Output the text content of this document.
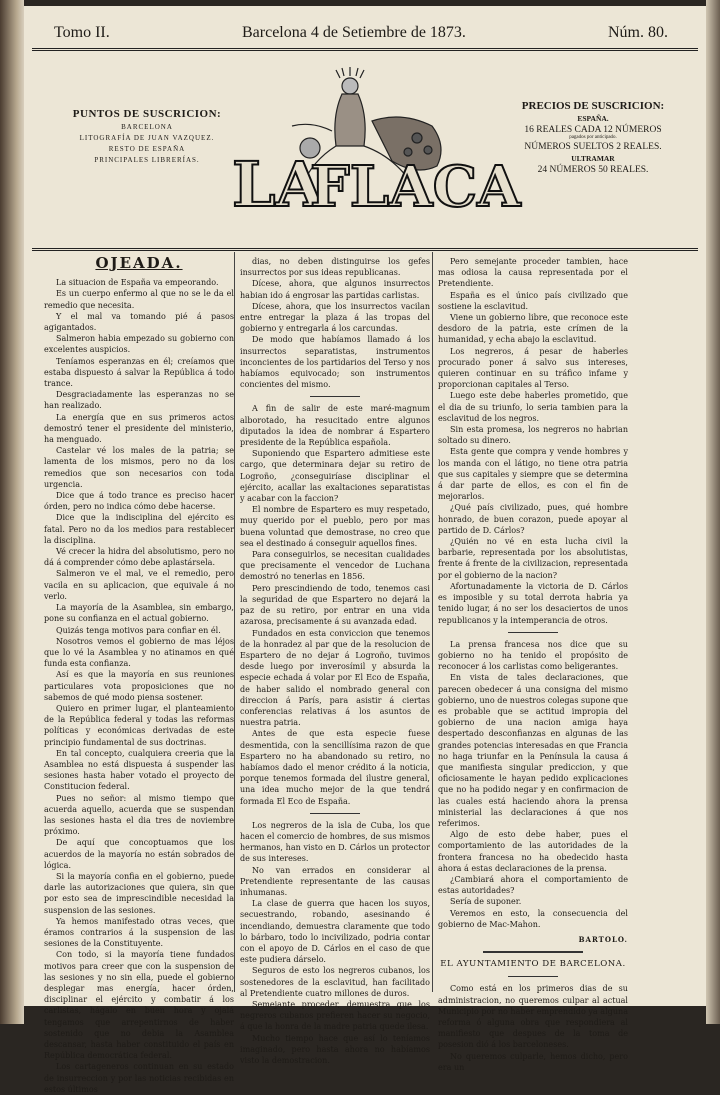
Tomo II.	Barcelona 4 de Setiembre de 1873.	Núm. 80.
PUNTOS DE SUSCRICION:
BARCELONA
LITOGRAFÍA DE JUAN VAZQUEZ.
RESTO DE ESPAÑA
PRINCIPALES LIBRERÍAS. LA
FLACA
PRECIOS DE SUSCRICION:
ESPAÑA.
16 REALES CADA 12 NÚMEROS
pagados por anticipado.
NÚMEROS SUELTOS 2 REALES.
ULTRAMAR
24 NÚMEROS 50 REALES.
OJEADA.

La situacion de España va empeorando.

Es un cuerpo enfermo al que no se le da el remedio que necesita.

Y el mal va tomando pié á pasos agigantados.

Salmeron habia empezado su gobierno con excelentes auspicios.

Teníamos esperanzas en él; creíamos que estaba dispuesto á salvar la República á todo trance.

Desgraciadamente las esperanzas no se han realizado.

La energía que en sus primeros actos demostró tener el presidente del ministerio, ha menguado.

Castelar vé los males de la patria; se lamenta de los mismos, pero no da los remedios que son necesarios con toda urgencia.

Dice que á todo trance es preciso hacer órden, pero no indica cómo debe hacerse.

Dice que la indisciplina del ejército es fatal. Pero no da los medios para restablecer la disciplina.

Vé crecer la hidra del absolutismo, pero no dá á comprender cómo debe aplastársela.

Salmeron ve el mal, ve el remedio, pero vacila en su aplicacion, que equivale á no verlo.

La mayoría de la Asamblea, sin embargo, pone su confianza en el actual gobierno.

Quizás tenga motivos para confiar en él.

Nosotros vemos el gobierno de mas léjos que lo vé la Asamblea y no atinamos en qué funda esta confianza.

Así es que la mayoría en sus reuniones particulares vota proposiciones que no sabemos de qué modo piensa sostener.

Quiero en primer lugar, el planteamiento de la República federal y todas las reformas políticas y económicas derivadas de este principio fundamental de sus doctrinas.

En tal concepto, cualquiera creeria que la Asamblea no está dispuesta á suspender las sesiones hasta haber votado el proyecto de Constitucion federal.

Pues no señor: al mismo tiempo que acuerda aquello, acuerda que se suspendan las sesiones hasta el dia tres de noviembre próximo.

De aquí que concoptuamos que los acuerdos de la mayoría no están sobrados de lógica.

Si la mayoría confia en el gobierno, puede darle las autorizaciones que quiera, sin que por esto sea de imprescindible necesidad la suspension de las sesiones.

Ya hemos manifestado otras veces, que éramos contrarios á la suspension de las sesiones de la Constituyente.

Con todo, si la mayoría tiene fundados motivos para creer que con la suspension de las sesiones y no sin ella, puede el gobierno desplegar mas energía, hacer órden, disciplinar el ejército y combatir á los carlistas, hágalo en buen hora y ojalá tengamos que arrepentirnos de haber sostenido que no debia la Asamblea descansar, hasta haber constituido el país en República democrática federal.

Los cartageneros continuan en su estado de insurreccion y por las noticias recibidas en estos últimos

dias, no deben distinguirse los gefes insurrectos por sus ideas republicanas.

Dícese, ahora, que algunos insurrectos habian ido á engrosar las partidas carlistas.

Dícese, ahora, que los insurrectos vacilan entre entregar la plaza á las tropas del gobierno y entregarla á los carcundas.

De modo que habíamos llamado á los insurrectos separatistas, instrumentos inconcientes de los partidarios del Terso y nos habíamos equivocado; son instrumentos concientes del mismo.

A fin de salir de este maré-magnum alborotado, ha resucitado entre algunos diputados la idea de nombrar á Espartero presidente de la República española.

Suponiendo que Espartero admitiese este cargo, que determinara dejar su retiro de Logroño, ¿conseguiríase disciplinar el ejército, acallar las exaltaciones separatistas y acabar con la faccion?

El nombre de Espartero es muy respetado, muy querido por el pueblo, pero por mas buena voluntad que demostrase, no creo que sea el destinado á conseguir aquellos fines.

Para conseguirlos, se necesitan cualidades que precisamente el vencedor de Luchana demostró no tenerlas en 1856.

Pero prescindiendo de todo, tenemos casi la seguridad de que Espartero no dejará la paz de su retiro, por entrar en una vida azarosa, precisamente á su avanzada edad.

Fundados en esta conviccion que tenemos de la honradez al par que de la resolucion de Espartero de no dejar á Logroño, tuvimos desde luego por inverosímil y absurda la especie echada á volar por El Eco de España, de haber salido el nombrado general con direccion á París, para asistir á ciertas conferencias relativas á los asuntos de nuestra patria.

Antes de que esta especie fuese desmentida, con la sencillísima razon de que Espartero no ha abandonado su retiro, no habíamos dado el menor crédito á la noticia, porque tenemos formada del ilustre general, una idea mucho mejor de la que tendrá formada El Eco de España.

Los negreros de la isla de Cuba, los que hacen el comercio de hombres, de sus mismos hermanos, han visto en D. Cárlos un protector de sus intereses.

No van errados en considerar al Pretendiente representante de las causas inhumanas.

La clase de guerra que hacen los suyos, secuestrando, robando, asesinando é incendiando, demuestra claramente que todo lo bárbaro, todo lo incivilizado, podria contar con el apoyo de D. Cárlos en el caso de que este pudiera dárselo.

Seguros de esto los negreros cubanos, los sostenedores de la esclavitud, han facilitado al Pretendiente cuatro millones de duros.

Semejante proceder, demuestra que los negreros cubanos prefieren hacer su negocio, á que la honra de la madre patria quede ilesa.

Mucho tiempo hace que así lo teníamos imaginado, pero hasta ahora no habíamos visto la demostracion.

Pero semejante proceder tambien, hace mas odiosa la causa representada por el Pretendiente.

España es el único país civilizado que sostiene la esclavitud.

Viene un gobierno libre, que reconoce este desdoro de la patria, este crímen de la humanidad, y echa abajo la esclavitud.

Los negreros, á pesar de haberles procurado poner á salvo sus intereses, quieren continuar en su tráfico infame y proporcionan capitales al Terso.

Luego este debe haberles prometido, que el dia de su triunfo, lo seria tambien para la esclavitud de los negros.

Sin esta promesa, los negreros no habrian soltado su dinero.

Esta gente que compra y vende hombres y los manda con el látigo, no tiene otra patria que sus capitales y siempre que se determina á dar parte de ellos, es con el fin de mejorarlos.

¿Qué país civilizado, pues, qué hombre honrado, de buen corazon, puede apoyar al partido de D. Cárlos?

¿Quién no vé en esta lucha civil la barbarie, representada por los absolutistas, frente á frente de la civilizacion, representada por el gobierno de la nacion?

Afortunadamente la victoria de D. Cárlos es imposible y su total derrota habria ya tenido lugar, á no ser los desaciertos de unos republicanos y la intemperancia de otros.

La prensa francesa nos dice que su gobierno no ha tenido el propósito de reconocer á los carlistas como beligerantes.

En vista de tales declaraciones, que parecen obedecer á una consigna del mismo gobierno, uno de nuestros colegas supone que es probable que se actitud impropia del gobierno de una nacion amiga haya despertado desconfianzas en algunas de las grandes potencias interesadas en que Francia no haga triunfar en la Península la causa á que manifiesta singular prediccion, y que oficiosamente le hayan pedido explicaciones que no ha podido negar y en confirmacion de las cuales está haciendo ahora la prensa ministerial las declaraciones á que nos referimos.

Algo de esto debe haber, pues el comportamiento de las autoridades de la frontera francesa no ha obedecido hasta ahora á estas declaraciones de la prensa.

¿Cambiará ahora el comportamiento de estas autoridades?

Sería de suponer.

Veremos en esto, la consecuencia del gobierno de Mac-Mahon.

BARTOLO.
EL AYUNTAMIENTO DE BARCELONA.

Como está en los primeros dias de su administracion, no queremos culpar al actual Municipio por no haber emprendido ya alguna reforma ó alguna obra que respondiera al manifiesto que despues de la toma de posesion dió á los barceloneses.

No queremos culparle, hemos dicho, pero era un
